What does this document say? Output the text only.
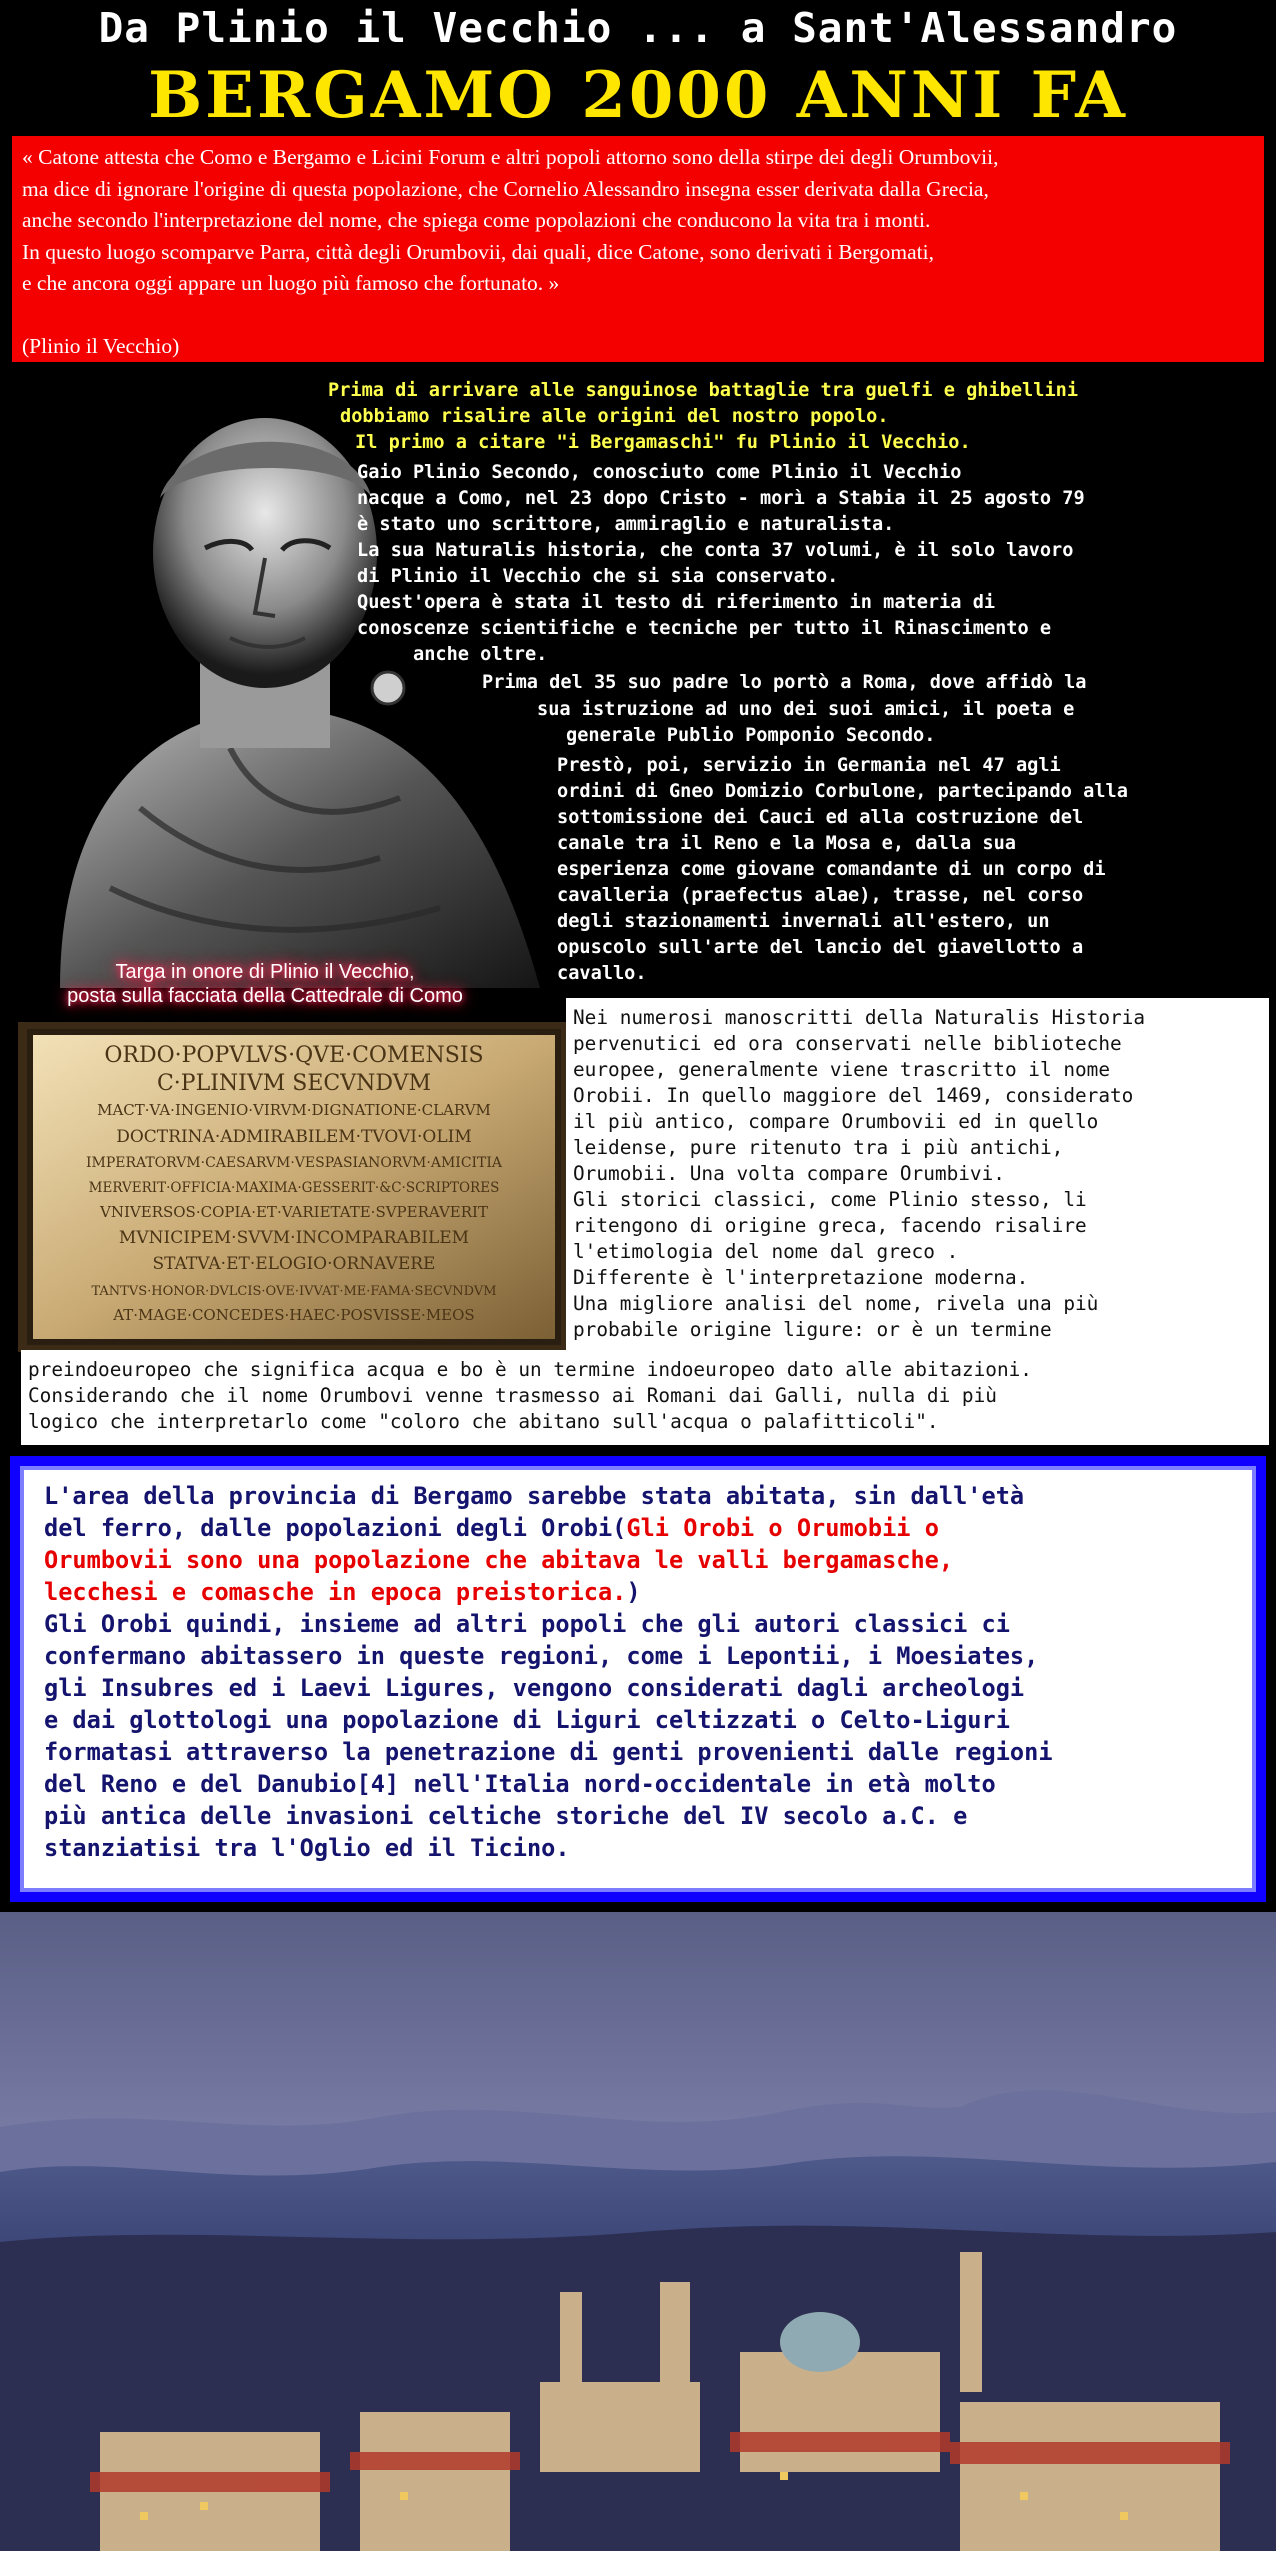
Da Plinio il Vecchio ... a Sant'Alessandro
BERGAMO 2000 ANNI FA
« Catone attesta che Como e Bergamo e Licini Forum e altri popoli attorno sono della stirpe dei degli Orumbovii,
ma dice di ignorare l'origine di questa popolazione, che Cornelio Alessandro insegna esser derivata dalla Grecia,
anche secondo l'interpretazione del nome, che spiega come popolazioni che conducono la vita tra i monti.
In questo luogo scomparve Parra, città degli Orumbovii, dai quali, dice Catone, sono derivati i Bergomati,
e che ancora oggi appare un luogo più famoso che fortunato. »
(Plinio il Vecchio)
Prima di arrivare alle sanguinose battaglie tra guelfi e ghibellini
dobbiamo risalire alle origini del nostro popolo.
Il primo a citare "i Bergamaschi" fu Plinio il Vecchio.
Targa in onore di Plinio il Vecchio,
posta sulla facciata della Cattedrale di Como
ORDO·POPVLVS·QVE·COMENSIS
C·PLINIVM SECVNDVM
MACT·VA·INGENIO·VIRVM·DIGNATIONE·CLARVM
DOCTRINA·ADMIRABILEM·TVOVI·OLIM
IMPERATORVM·CAESARVM·VESPASIANORVM·AMICITIA
MERVERIT·OFFICIA·MAXIMA·GESSERIT·&C·SCRIPTORES
VNIVERSOS·COPIA·ET·VARIETATE·SVPERAVERIT
MVNICIPEM·SVVM·INCOMPARABILEM
STATVA·ET·ELOGIO·ORNAVERE
TANTVS·HONOR·DVLCIS·OVE·IVVAT·ME·FAMA·SECVNDVM
AT·MAGE·CONCEDES·HAEC·POSVISSE·MEOS
Gaio Plinio Secondo, conosciuto come Plinio il Vecchio
nacque a Como, nel 23 dopo Cristo - morì a Stabia il 25 agosto 79
è stato uno scrittore, ammiraglio e naturalista.
La sua Naturalis historia, che conta 37 volumi, è il solo lavoro
di Plinio il Vecchio che si sia conservato.
Quest'opera è stata il testo di riferimento in materia di
conoscenze scientifiche e tecniche per tutto il Rinascimento e
anche oltre.
Prima del 35 suo padre lo portò a Roma, dove affidò la
sua istruzione ad uno dei suoi amici, il poeta e
generale Publio Pomponio Secondo.
Prestò, poi, servizio in Germania nel 47 agli
ordini di Gneo Domizio Corbulone, partecipando alla
sottomissione dei Cauci ed alla costruzione del
canale tra il Reno e la Mosa e, dalla sua
esperienza come giovane comandante di un corpo di
cavalleria (praefectus alae), trasse, nel corso
degli stazionamenti invernali all'estero, un
opuscolo sull'arte del lancio del giavellotto a
cavallo.
Nei numerosi manoscritti della Naturalis Historia
pervenutici ed ora conservati nelle biblioteche
europee, generalmente viene trascritto il nome
Orobii. In quello maggiore del 1469, considerato
il più antico, compare Orumbovii ed in quello
leidense, pure ritenuto tra i più antichi,
Orumobii. Una volta compare Orumbivi.
Gli storici classici, come Plinio stesso, li
ritengono di origine greca, facendo risalire
l'etimologia del nome dal greco .
Differente è l'interpretazione moderna.
Una migliore analisi del nome, rivela una più
probabile origine ligure: or è un termine
preindoeuropeo che significa acqua e bo è un termine indoeuropeo dato alle abitazioni.
Considerando che il nome Orumbovi venne trasmesso ai Romani dai Galli, nulla di più
logico che interpretarlo come "coloro che abitano sull'acqua o palafitticoli".
L'area della provincia di Bergamo sarebbe stata abitata, sin dall'età
del ferro, dalle popolazioni degli Orobi(Gli Orobi o Orumobii o
Orumbovii sono una popolazione che abitava le valli bergamasche,
lecchesi e comasche in epoca preistorica.)
Gli Orobi quindi, insieme ad altri popoli che gli autori classici ci
confermano abitassero in queste regioni, come i Lepontii, i Moesiates,
gli Insubres ed i Laevi Ligures, vengono considerati dagli archeologi
e dai glottologi una popolazione di Liguri celtizzati o Celto-Liguri
formatasi attraverso la penetrazione di genti provenienti dalle regioni
del Reno e del Danubio[4] nell'Italia nord-occidentale in età molto
più antica delle invasioni celtiche storiche del IV secolo a.C. e
stanziatisi tra l'Oglio ed il Ticino.
